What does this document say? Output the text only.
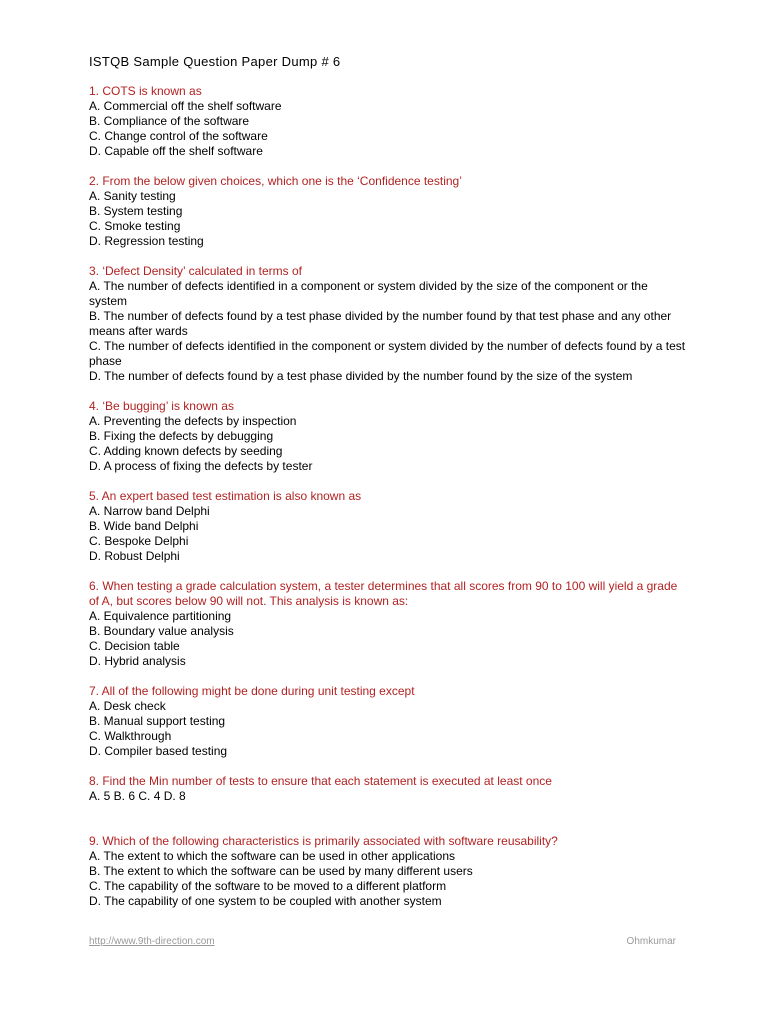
ISTQB Sample Question Paper Dump # 6

1. COTS is known as

A. Commercial off the shelf software
B. Compliance of the software
C. Change control of the software
D. Capable off the shelf software

2. From the below given choices, which one is the ‘Confidence testing’

A. Sanity testing
B. System testing
C. Smoke testing
D. Regression testing

3. ‘Defect Density’ calculated in terms of

A. The number of defects identified in a component or system divided by the size of the component or the system
B. The number of defects found by a test phase divided by the number found by that test phase and any other means after wards
C. The number of defects identified in the component or system divided by the number of defects found by a test phase
D. The number of defects found by a test phase divided by the number found by the size of the system

4. ‘Be bugging’ is known as

A. Preventing the defects by inspection
B. Fixing the defects by debugging
C. Adding known defects by seeding
D. A process of fixing the defects by tester

5. An expert based test estimation is also known as

A. Narrow band Delphi
B. Wide band Delphi
C. Bespoke Delphi
D. Robust Delphi

6. When testing a grade calculation system, a tester determines that all scores from 90 to 100 will yield a grade of A, but scores below 90 will not. This analysis is known as:

A. Equivalence partitioning
B. Boundary value analysis
C. Decision table
D. Hybrid analysis

7. All of the following might be done during unit testing except

A. Desk check
B. Manual support testing
C. Walkthrough
D. Compiler based testing

8. Find the Min number of tests to ensure that each statement is executed at least once

A. 5 B. 6 C. 4 D. 8

9. Which of the following characteristics is primarily associated with software reusability?

A. The extent to which the software can be used in other applications
B. The extent to which the software can be used by many different users
C. The capability of the software to be moved to a different platform
D. The capability of one system to be coupled with another system
http://www.9th-direction.com	Ohmkumar
